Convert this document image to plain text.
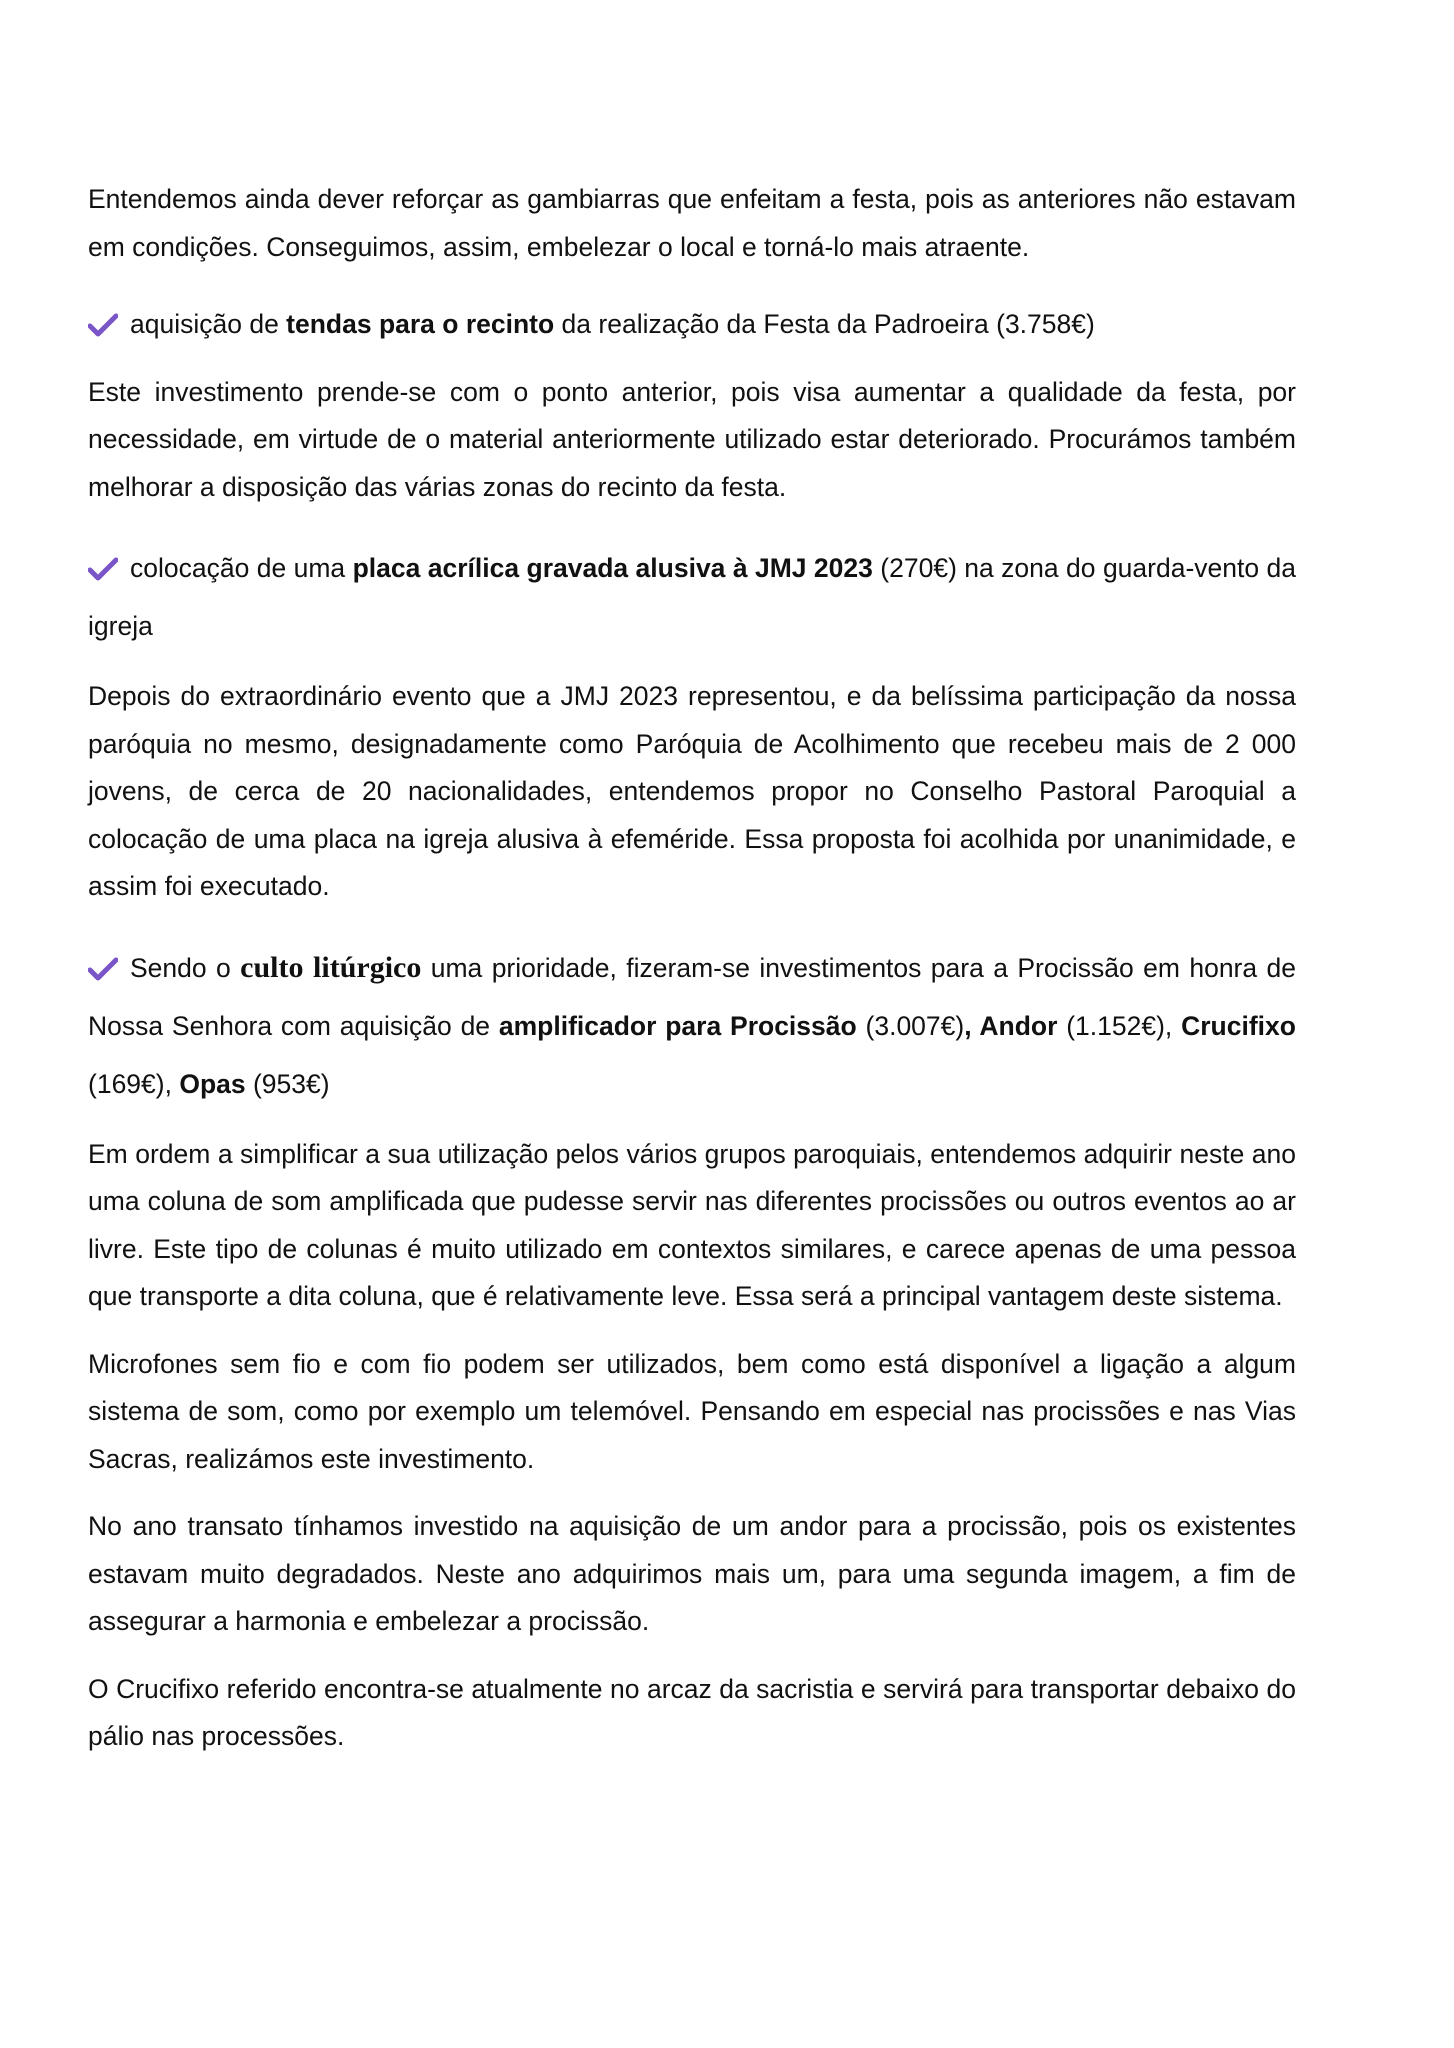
Entendemos ainda dever reforçar as gambiarras que enfeitam a festa, pois as anteriores não estavam em condições. Conseguimos, assim, embelezar o local e torná-lo mais atraente.

aquisição de tendas para o recinto da realização da Festa da Padroeira (3.758€)

Este investimento prende-se com o ponto anterior, pois visa aumentar a qualidade da festa, por necessidade, em virtude de o material anteriormente utilizado estar deteriorado. Procurámos também melhorar a disposição das várias zonas do recinto da festa.

colocação de uma placa acrílica gravada alusiva à JMJ 2023 (270€) na zona do guarda-vento da igreja

Depois do extraordinário evento que a JMJ 2023 representou, e da belíssima participação da nossa paróquia no mesmo, designadamente como Paróquia de Acolhimento que recebeu mais de 2 000 jovens, de cerca de 20 nacionalidades, entendemos propor no Conselho Pastoral Paroquial a colocação de uma placa na igreja alusiva à efeméride. Essa proposta foi acolhida por unanimidade, e assim foi executado.

Sendo o culto litúrgico uma prioridade, fizeram-se investimentos para a Procissão em honra de Nossa Senhora com aquisição de amplificador para Procissão (3.007€), Andor (1.152€), Crucifixo (169€), Opas (953€)

Em ordem a simplificar a sua utilização pelos vários grupos paroquiais, entendemos adquirir neste ano uma coluna de som amplificada que pudesse servir nas diferentes procissões ou outros eventos ao ar livre. Este tipo de colunas é muito utilizado em contextos similares, e carece apenas de uma pessoa que transporte a dita coluna, que é relativamente leve. Essa será a principal vantagem deste sistema.

Microfones sem fio e com fio podem ser utilizados, bem como está disponível a ligação a algum sistema de som, como por exemplo um telemóvel. Pensando em especial nas procissões e nas Vias Sacras, realizámos este investimento.

No ano transato tínhamos investido na aquisição de um andor para a procissão, pois os existentes estavam muito degradados. Neste ano adquirimos mais um, para uma segunda imagem, a fim de assegurar a harmonia e embelezar a procissão.

O Crucifixo referido encontra-se atualmente no arcaz da sacristia e servirá para transportar debaixo do pálio nas processões.
